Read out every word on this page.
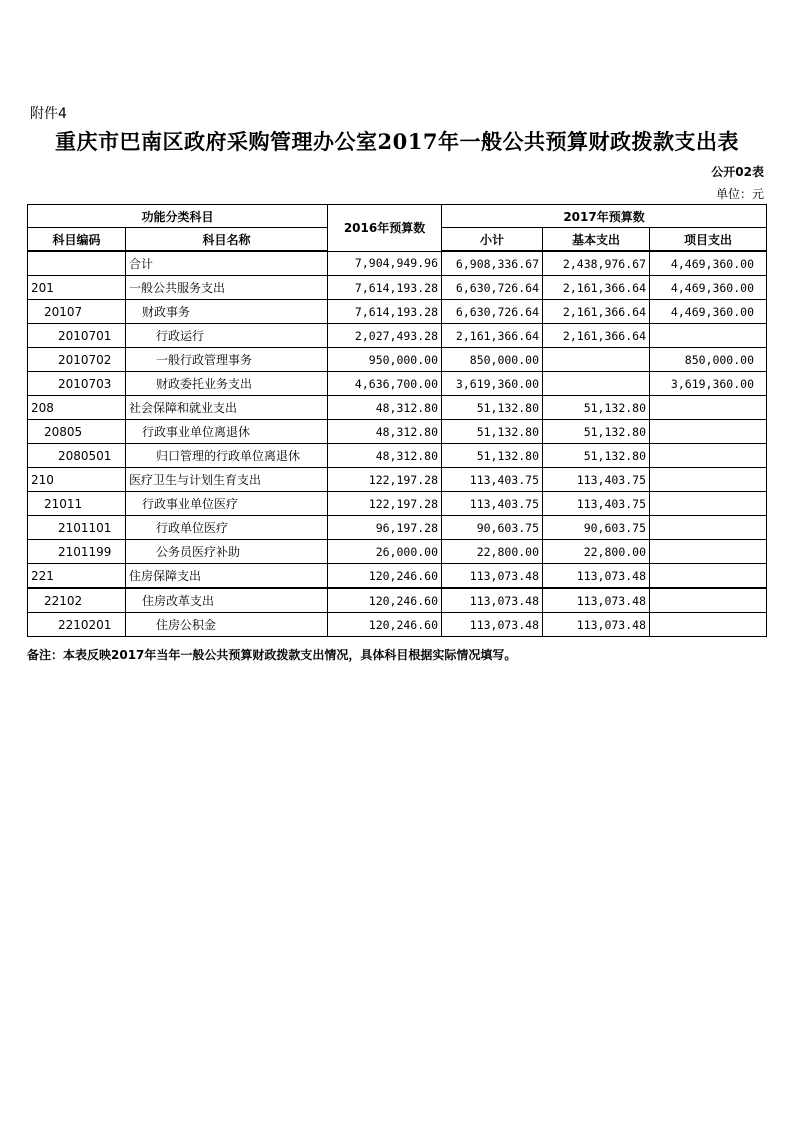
附件4
重庆市巴南区政府采购管理办公室2017年一般公共预算财政拨款支出表
公开02表
单位：元
功能分类科目		2016年预算数	2017年预算数		
科目编码	科目名称		小计	基本支出	项目支出
	合计	7,904,949.96	6,908,336.67	2,438,976.67	4,469,360.00
201	一般公共服务支出	7,614,193.28	6,630,726.64	2,161,366.64	4,469,360.00
20107	财政事务	7,614,193.28	6,630,726.64	2,161,366.64	4,469,360.00
2010701	行政运行	2,027,493.28	2,161,366.64	2,161,366.64	
2010702	一般行政管理事务	950,000.00	850,000.00		850,000.00
2010703	财政委托业务支出	4,636,700.00	3,619,360.00		3,619,360.00
208	社会保障和就业支出	48,312.80	51,132.80	51,132.80	
20805	行政事业单位离退休	48,312.80	51,132.80	51,132.80	
2080501	归口管理的行政单位离退休	48,312.80	51,132.80	51,132.80	
210	医疗卫生与计划生育支出	122,197.28	113,403.75	113,403.75	
21011	行政事业单位医疗	122,197.28	113,403.75	113,403.75	
2101101	行政单位医疗	96,197.28	90,603.75	90,603.75	
2101199	公务员医疗补助	26,000.00	22,800.00	22,800.00	
221	住房保障支出	120,246.60	113,073.48	113,073.48	
22102	住房改革支出	120,246.60	113,073.48	113,073.48	
2210201	住房公积金	120,246.60	113,073.48	113,073.48	
备注：本表反映2017年当年一般公共预算财政拨款支出情况，具体科目根据实际情况填写。
